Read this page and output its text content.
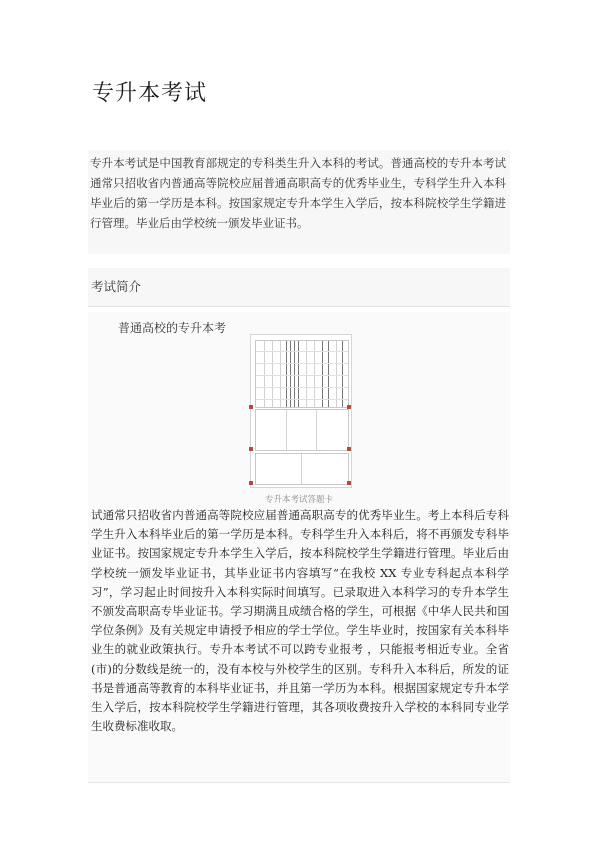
专升本考试

专升本考试是中国教育部规定的专科类生升入本科的考试。普通高校的专升本考试通常只招收省内普通高等院校应届普通高职高专的优秀毕业生，专科学生升入本科毕业后的第一学历是本科。按国家规定专升本学生入学后，按本科院校学生学籍进行管理。毕业后由学校统一颁发毕业证书。

考试简介
普通高校的专升本考
专升本考试答题卡

试通常只招收省内普通高等院校应届普通高职高专的优秀毕业生。考上本科后专科学生升入本科毕业后的第一学历是本科。专科学生升入本科后，将不再颁发专科毕业证书。按国家规定专升本学生入学后，按本科院校学生学籍进行管理。毕业后由学校统一颁发毕业证书，其毕业证书内容填写“在我校 XX 专业专科起点本科学习”，学习起止时间按升入本科实际时间填写。已录取进入本科学习的专升本学生不颁发高职高专毕业证书。学习期满且成绩合格的学生，可根据《中华人民共和国学位条例》及有关规定申请授予相应的学士学位。学生毕业时，按国家有关本科毕业生的就业政策执行。专升本考试不可以跨专业报考 ，只能报考相近专业。全省(市)的分数线是统一的，没有本校与外校学生的区别。专科升入本科后，所发的证书是普通高等教育的本科毕业证书，并且第一学历为本科。根据国家规定专升本学生入学后，按本科院校学生学籍进行管理，其各项收费按升入学校的本科同专业学生收费标准收取。
